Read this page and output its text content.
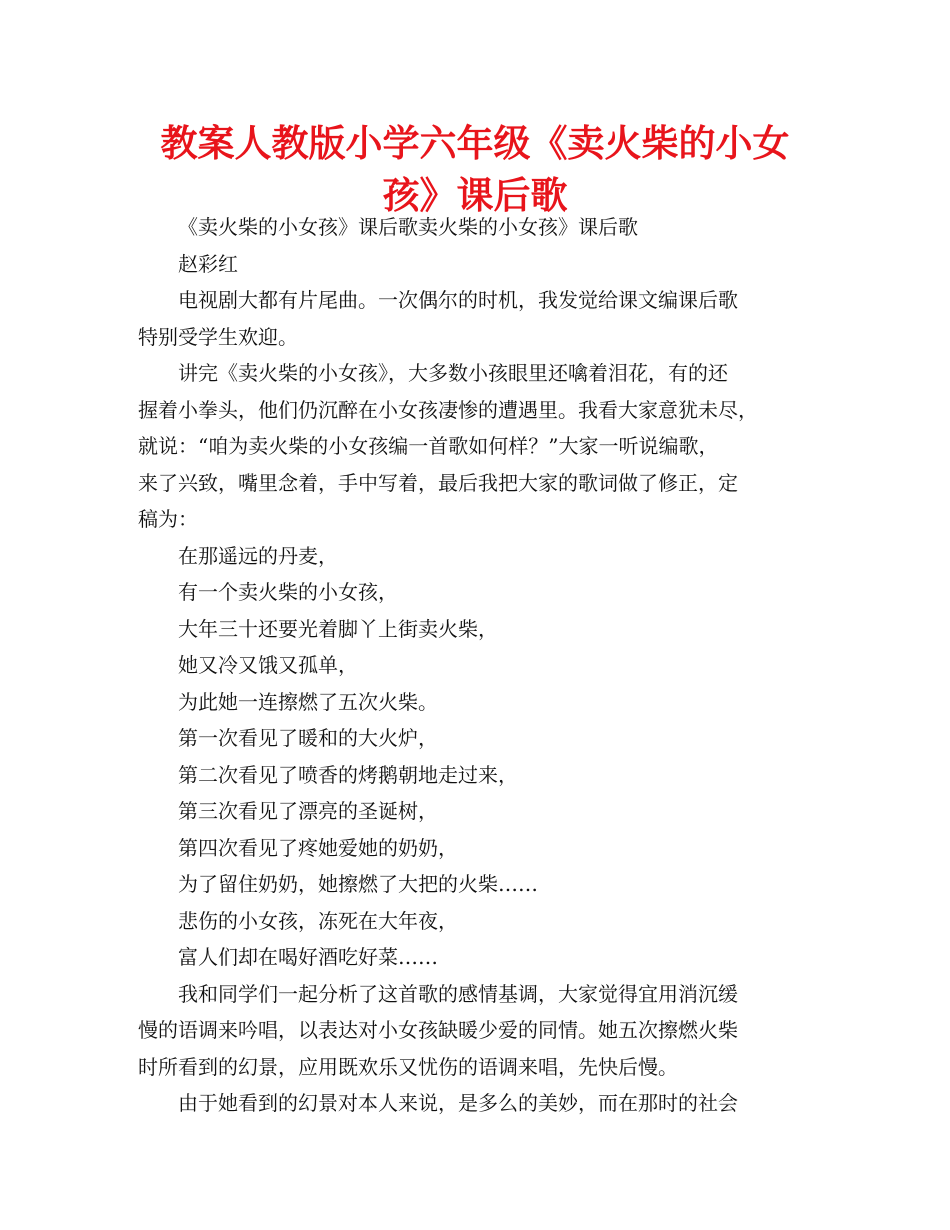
教案人教版小学六年级《卖火柴的小女
孩》课后歌

《卖火柴的小女孩》课后歌卖火柴的小女孩》课后歌

赵彩红

电视剧大都有片尾曲。一次偶尔的时机，我发觉给课文编课后歌
特别受学生欢迎。

讲完《卖火柴的小女孩》，大多数小孩眼里还噙着泪花，有的还
握着小拳头，他们仍沉醉在小女孩凄惨的遭遇里。我看大家意犹未尽，
就说：“咱为卖火柴的小女孩编一首歌如何样？”大家一听说编歌，
来了兴致，嘴里念着，手中写着，最后我把大家的歌词做了修正，定
稿为：

在那遥远的丹麦，

有一个卖火柴的小女孩，

大年三十还要光着脚丫上街卖火柴，

她又冷又饿又孤单，

为此她一连擦燃了五次火柴。

第一次看见了暖和的大火炉，

第二次看见了喷香的烤鹅朝地走过来，

第三次看见了漂亮的圣诞树，

第四次看见了疼她爱她的奶奶，

为了留住奶奶，她擦燃了大把的火柴……

悲伤的小女孩，冻死在大年夜，

富人们却在喝好酒吃好菜……

我和同学们一起分析了这首歌的感情基调，大家觉得宜用消沉缓
慢的语调来吟唱，以表达对小女孩缺暖少爱的同情。她五次擦燃火柴
时所看到的幻景，应用既欢乐又忧伤的语调来唱，先快后慢。

由于她看到的幻景对本人来说，是多么的美妙，而在那时的社会
